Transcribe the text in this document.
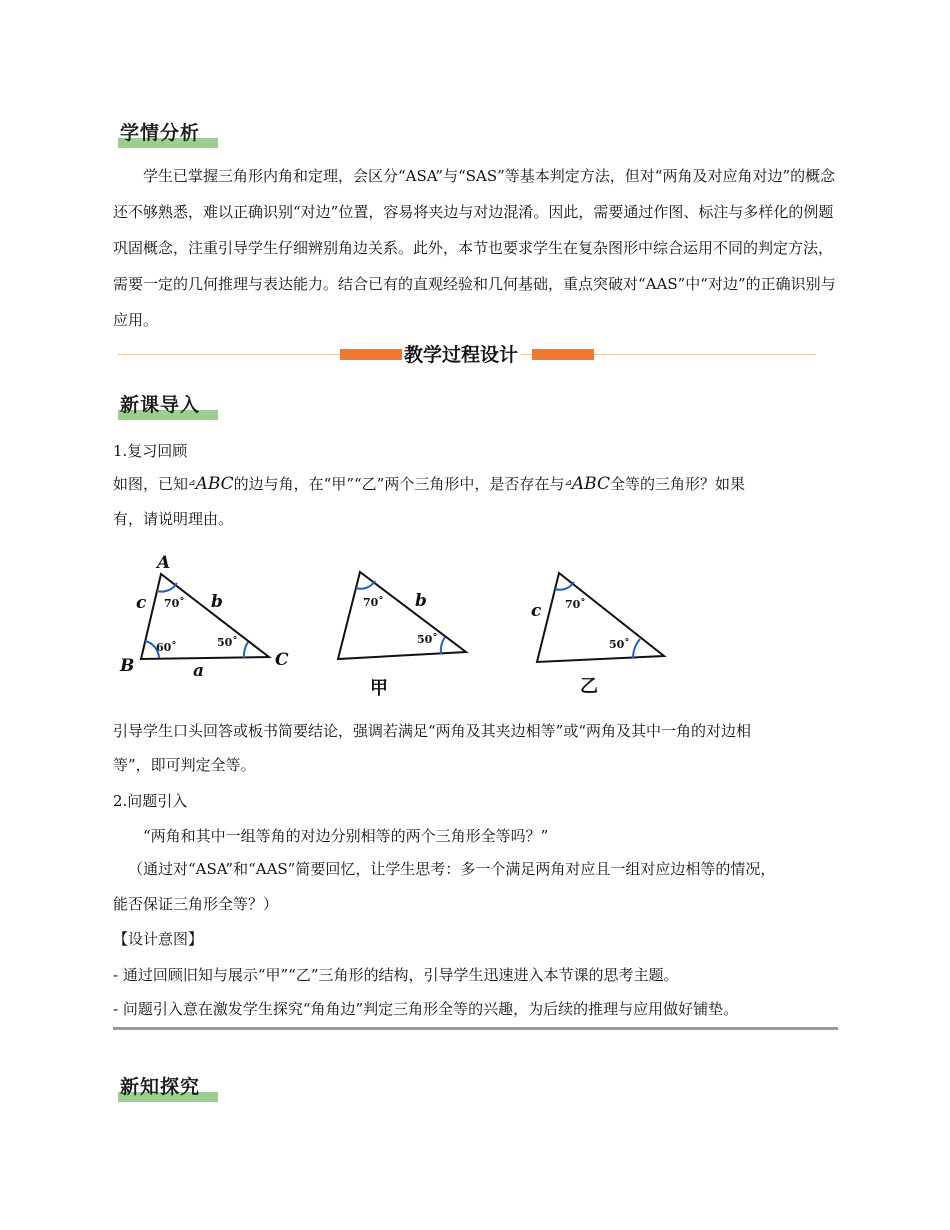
学情分析

学生已掌握三角形内角和定理，会区分“ASA”与“SAS”等基本判定方法，但对“两角及对应角对边”的概念还不够熟悉，难以正确识别“对边”位置，容易将夹边与对边混淆。因此，需要通过作图、标注与多样化的例题巩固概念，注重引导学生仔细辨别角边关系。此外，本节也要求学生在复杂图形中综合运用不同的判定方法，需要一定的几何推理与表达能力。结合已有的直观经验和几何基础，重点突破对“AAS”中“对边”的正确识别与应用。

教学过程设计
新课导入
1.复习回顾
如图，已知⊿ABC的边与角，在“甲”“乙”两个三角形中，是否存在与⊿ABC全等的三角形？如果
有，请说明理由。
A
B	C
c	b
a
70˚
60˚	50˚
70˚ b
50˚
甲
c 70˚
50˚
乙
引导学生口头回答或板书简要结论，强调若满足“两角及其夹边相等”或“两角及其中一角的对边相
等”，即可判定全等。
2.问题引入
“两角和其中一组等角的对边分别相等的两个三角形全等吗？”
（通过对“ASA”和“AAS”简要回忆，让学生思考：多一个满足两角对应且一组对应边相等的情况，
能否保证三角形全等？）
【设计意图】
- 通过回顾旧知与展示“甲”“乙”三角形的结构，引导学生迅速进入本节课的思考主题。
- 问题引入意在激发学生探究“角角边”判定三角形全等的兴趣，为后续的推理与应用做好铺垫。
新知探究
